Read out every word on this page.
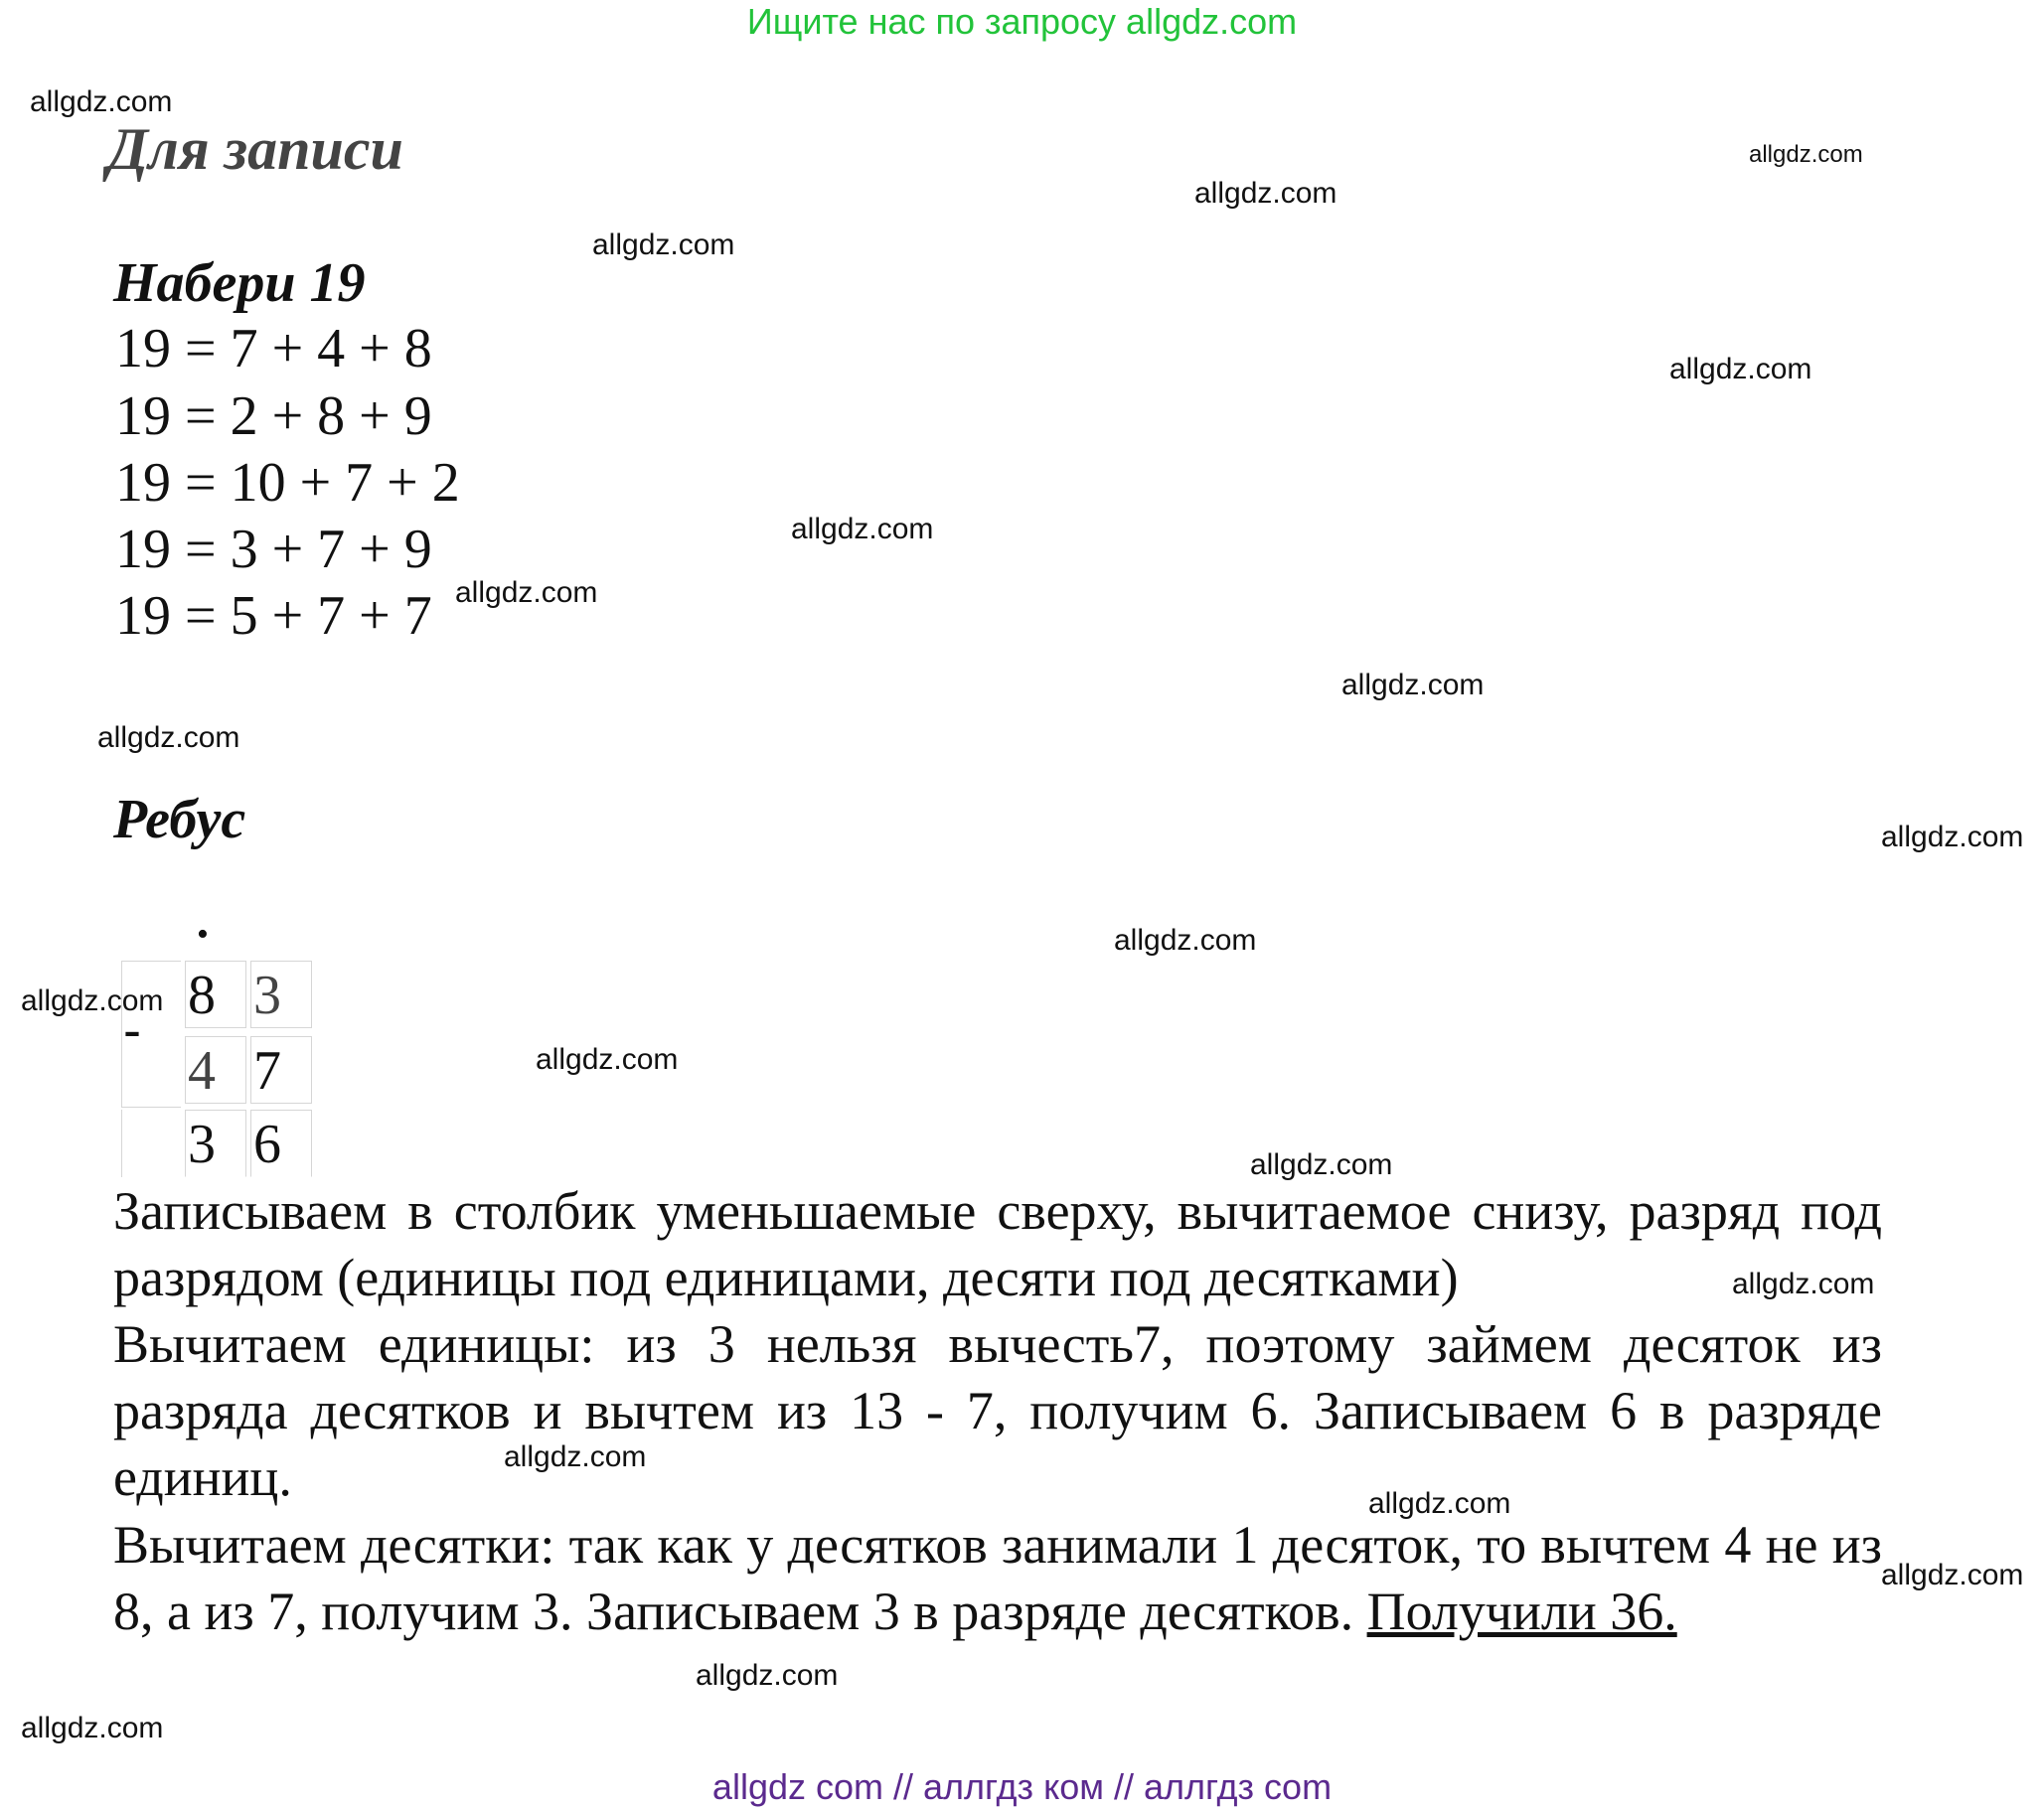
Ищите нас по запросу allgdz.com
Для записи
Набери 19
19 = 7 + 4 + 8
19 = 2 + 8 + 9
19 = 10 + 7 + 2
19 = 3 + 7 + 9
19 = 5 + 7 + 7
Ребус
•
-
8 3
4 7
3 6
Записываем в столбик уменьшаемые сверху, вычитаемое снизу, разряд под разрядом (единицы под единицами, десяти под десятками)
Вычитаем единицы: из 3 нельзя вычесть7, поэтому займем десяток из разряда десятков и вычтем из 13 - 7, получим 6. Записываем 6 в разряде единиц.
Вычитаем десятки: так как у десятков занимали 1 десяток, то вычтем 4 не из 8, а из 7, получим 3. Записываем 3 в разряде десятков. Получили 36.
allgdz.com
allgdz.com
allgdz.com
allgdz.com
allgdz.com
allgdz.com
allgdz.com
allgdz.com
allgdz.com
allgdz.com
allgdz.com
allgdz.com
allgdz.com
allgdz.com
allgdz.com
allgdz.com
allgdz.com
allgdz.com
allgdz.com
allgdz.com
allgdz com // аллгдз ком // аллгдз com
